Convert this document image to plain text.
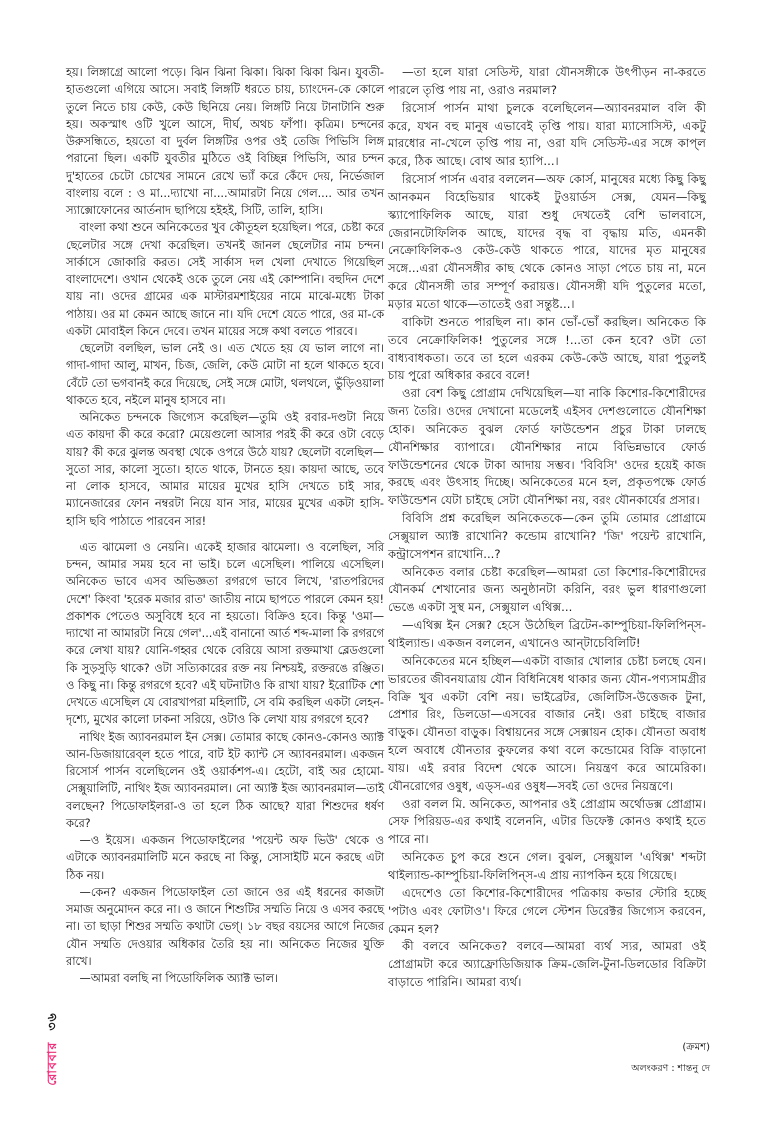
হয়। লিঙ্গাগ্রে আলো পড়ে। ঝিন ঝিনা ঝিকা। ঝিকা ঝিকা ঝিন। যুবতী-হাতগুলো এগিয়ে আসে। সবাই লিঙ্গটি ধরতে চায়, চ্যাংদেন-কে কোলে তুলে নিতে চায় কেউ, কেউ ছিনিয়ে নেয়। লিঙ্গটি নিয়ে টানাটানি শুরু হয়। অকস্মাৎ ওটি খুলে আসে, দীর্ঘ, অথচ ফাঁপা। কৃত্রিম। চন্দনের উরুসন্ধিতে, হয়তো বা দুর্বল লিঙ্গটির ওপর ওই তেজি পিভিসি লিঙ্গ পরানো ছিল। একটি যুবতীর মুঠিতে ওই বিচ্ছিন্ন পিভিসি, আর চন্দন দু'হাতের চেটো চোখের সামনে রেখে ভ্যাঁ করে কেঁদে দেয়, নির্ভেজাল বাংলায় বলে : ও মা...দ্যাখো না....আমারটা নিয়ে গেল.... আর তখন স্যাক্সোফোনের আর্তনাদ ছাপিয়ে হইহই, সিটি, তালি, হাসি।

বাংলা কথা শুনে অনিকেতের খুব কৌতূহল হয়েছিল। পরে, চেষ্টা করে ছেলেটার সঙ্গে দেখা করেছিল। তখনই জানল ছেলেটার নাম চন্দন। সার্কাসে জোকারি করত। সেই সার্কাস দল খেলা দেখাতে গিয়েছিল বাংলাদেশে। ওখান থেকেই ওকে তুলে নেয় এই কোম্পানি। বহুদিন দেশে যায় না। ওদের গ্রামের এক মাস্টারমশাইয়ের নামে মাঝে-মধ্যে টাকা পাঠায়। ওর মা কেমন আছে জানে না। যদি দেশে যেতে পারে, ওর মা-কে একটা মোবাইল কিনে দেবে। তখন মায়ের সঙ্গে কথা বলতে পারবে।

ছেলেটা বলছিল, ভাল নেই ও। এত খেতে হয় যে ভাল লাগে না। গাদা-গাদা আলু, মাখন, চিজ, জেলি, কেউ মোটা না হলে থাকতে হবে। বেঁটে তো ভগবানই করে দিয়েছে, সেই সঙ্গে মোটা, থলথলে, ভুঁড়িওয়ালা থাকতে হবে, নইলে মানুষ হাসবে না।

অনিকেত চন্দনকে জিগ্যেস করেছিল—তুমি ওই রবার-দণ্ডটা নিয়ে এত কায়দা কী করে করো? মেয়েগুলো আসার পরই কী করে ওটা বেড়ে যায়? কী করে ঝুলন্ত অবস্থা থেকে ওপরে উঠে যায়? ছেলেটা বলেছিল—সুতো সার, কালো সুতো। হাতে থাকে, টানতে হয়। কায়দা আছে, তবে না লোক হাসবে, আমার মায়ের মুখের হাসি দেখতে চাই সার, ম্যানেজারের ফোন নম্বরটা নিয়ে যান সার, মায়ের মুখের একটা হাসি-হাসি ছবি পাঠাতে পারবেন সার!

এত ঝামেলা ও নেয়নি। একেই হাজার ঝামেলা। ও বলেছিল, সরি চন্দন, আমার সময় হবে না ভাই। চলে এসেছিল। পালিয়ে এসেছিল। অনিকেত ভাবে এসব অভিজ্ঞতা রগরগে ভাবে লিখে, 'রাতপরিদের দেশে' কিংবা 'হরেক মজার রাত' জাতীয় নামে ছাপতে পারলে কেমন হয়! প্রকাশক পেতেও অসুবিধে হবে না হয়তো। বিক্রিও হবে। কিন্তু 'ওমা—দ্যাখো না আমারটা নিয়ে গেল'...এই বানানো আর্ত শব্দ-মালা কি রগরগে করে লেখা যায়? যোনি-গহ্বর থেকে বেরিয়ে আসা রক্তমাখা ব্লেডগুলো কি সুড়সুড়ি থাকে? ওটা সত্যিকারের রক্ত নয় নিশ্চয়ই, রক্তরঙে রঞ্জিত। ও কিছু না। কিন্তু রগরগে হবে? এই ঘটনাটাও কি রাখা যায়? ইরোটিক শো দেখতে এসেছিল যে বোরখাপরা মহিলাটি, সে বমি করছিল একটা লেহন-দৃশ্যে, মুখের কালো ঢাকনা সরিয়ে, ওটাও কি লেখা যায় রগরগে হবে?

নাথিং ইজ অ্যাবনরমাল ইন সেক্স। তোমার কাছে কোনও-কোনও অ্যাক্ট আন-ডিজায়ারেব্‌ল হতে পারে, বাট ইট ক্যান্ট সে অ্যাবনরমাল। একজন রিসোর্স পার্সন বলেছিলেন ওই ওয়ার্কশপ-এ। হেটো, বাই অর হোমো-সেক্সুয়ালিটি, নাথিং ইজ অ্যাবনরমাল। নো অ্যাক্ট ইজ অ্যাবনরমাল—তাই বলছেন? পিডোফাইলরা-ও তা হলে ঠিক আছে? যারা শিশুদের ধর্ষণ করে?

—ও ইয়েস। একজন পিডোফাইলের 'পয়েন্ট অফ ভিউ' থেকে ও এটাকে অ্যাবনরমালিটি মনে করছে না কিন্তু, সোসাইটি মনে করছে এটা ঠিক নয়।

—কেন? একজন পিডোফাইল তো জানে ওর এই ধরনের কাজটা সমাজ অনুমোদন করে না। ও জানে শিশুটির সম্মতি নিয়ে ও এসব করছে না। তা ছাড়া শিশুর সম্মতি কথাটা ভেগ্। ১৮ বছর বয়সের আগে নিজের যৌন সম্মতি দেওয়ার অধিকার তৈরি হয় না। অনিকেত নিজের যুক্তি রাখে।

—আমরা বলছি না পিডোফিলিক অ্যাক্ট ভাল।

—তা হলে যারা সেডিস্ট, যারা যৌনসঙ্গীকে উৎপীড়ন না-করতে পারলে তৃপ্তি পায় না, ওরাও নরমাল?

রিসোর্স পার্সন মাথা চুলকে বলেছিলেন—অ্যাবনরমাল বলি কী করে, যখন বহু মানুষ এভাবেই তৃপ্তি পায়। যারা ম্যাসোসিস্ট, একটু মারধোর না-খেলে তৃপ্তি পায় না, ওরা যদি সেডিস্ট-এর সঙ্গে কাপ্‌ল করে, ঠিক আছে। বোথ আর হ্যাপি...।

রিসোর্স পার্সন এবার বললেন—অফ কোর্স, মানুষের মধ্যে কিছু কিছু আনকমন বিহেভিয়ার থাকেই টুওয়ার্ডস সেক্স, যেমন—কিছু স্ক্যাপোফিলিক আছে, যারা শুধু দেখতেই বেশি ভালবাসে, জেরানটোফিলিক আছে, যাদের বৃদ্ধ বা বৃদ্ধায় মতি, এমনকী নেক্রোফিলিক-ও কেউ-কেউ থাকতে পারে, যাদের মৃত মানুষের সঙ্গে...এরা যৌনসঙ্গীর কাছ থেকে কোনও সাড়া পেতে চায় না, মনে করে যৌনসঙ্গী তার সম্পূর্ণ করায়ত্ত। যৌনসঙ্গী যদি পুতুলের মতো, মড়ার মতো থাকে—তাতেই ওরা সন্তুষ্ট...।

বাকিটা শুনতে পারছিল না। কান ভোঁ-ভোঁ করছিল। অনিকেত কি তবে নেক্রোফিলিক! পুতুলের সঙ্গে !...তা কেন হবে? ওটা তো বাধ্যবাধকতা। তবে তা হলে এরকম কেউ-কেউ আছে, যারা পুতুলই চায় পুরো অধিকার করবে বলে!

ওরা বেশ কিছু প্রোগ্রাম দেখিয়েছিল—যা নাকি কিশোর-কিশোরীদের জন্য তৈরি। ওদের দেখানো মডেলেই এইসব দেশগুলোতে যৌনশিক্ষা হোক। অনিকেত বুঝল ফোর্ড ফাউন্ডেশন প্রচুর টাকা ঢালছে যৌনশিক্ষার ব্যাপারে। যৌনশিক্ষার নামে বিভিন্নভাবে ফোর্ড ফাউন্ডেশনের থেকে টাকা আদায় সম্ভব। 'বিবিসি' ওদের হয়েই কাজ করছে এবং উৎসাহ দিচ্ছে। অনিকেতের মনে হল, প্রকৃতপক্ষে ফোর্ড ফাউন্ডেশন যেটা চাইছে সেটা যৌনশিক্ষা নয়, বরং যৌনকার্যের প্রসার।

বিবিসি প্রশ্ন করেছিল অনিকেতকে—কেন তুমি তোমার প্রোগ্রামে সেক্সুয়াল অ্যাক্ট রাখোনি? কন্ডোম রাখোনি? 'জি' পয়েন্ট রাখোনি, কন্ট্রাসেপশন রাখোনি...?

অনিকেত বলার চেষ্টা করেছিল—আমরা তো কিশোর-কিশোরীদের যৌনকর্ম শেখানোর জন্য অনুষ্ঠানটা করিনি, বরং ভুল ধারণাগুলো ভেঙে একটা সুস্থ মন, সেক্সুয়াল এথিক্স...

—এথিক্স ইন সেক্স? হেসে উঠেছিল ব্রিটেন-কাম্পুচিয়া-ফিলিপিন্‌স-থাইল্যান্ড। একজন বললেন, এখানেও আন্‌টাচেবিলিটি!

অনিকেতের মনে হচ্ছিল—একটা বাজার খোলার চেষ্টা চলছে যেন। ভারতের জীবনযাত্রায় যৌন বিধিনিষেধ থাকার জন্য যৌন-পণ্যসামগ্রীর বিক্রি খুব একটা বেশি নয়। ভাইব্রেটর, জেলিটিস-উত্তেজক টুনা, প্রেশার রিং, ডিলডো—এসবের বাজার নেই। ওরা চাইছে বাজার বাড়ুক। যৌনতা বাড়ুক। বিশ্বায়নের সঙ্গে সেক্সায়ন হোক। যৌনতা অবাধ হলে অবাধে যৌনতার কুফলের কথা বলে কন্ডোমের বিক্রি বাড়ানো যায়। এই রবার বিদেশ থেকে আসে। নিয়ন্ত্রণ করে আমেরিকা। যৌনরোগের ওষুধ, এড্‌স-এর ওষুধ—সবই তো ওদের নিয়ন্ত্রণে।

ওরা বলল মি. অনিকেত, আপনার ওই প্রোগ্রাম অর্থোডক্স প্রোগ্রাম। সেফ পিরিয়ড-এর কথাই বলেননি, এটার ডিফেক্ট কোনও কথাই হতে পারে না।

অনিকেত চুপ করে শুনে গেল। বুঝল, সেক্সুয়াল 'এথিক্স' শব্দটা থাইল্যান্ড-কাম্পুচিয়া-ফিলিপিন্‌স-এ প্রায় ন্যাপকিন হয়ে গিয়েছে।

এদেশেও তো কিশোর-কিশোরীদের পত্রিকায় কভার স্টোরি হচ্ছে 'পটাও এবং ফোটাও'। ফিরে গেলে স্টেশন ডিরেক্টর জিগ্যেস করবেন, কেমন হল?

কী বলবে অনিকেত? বলবে—আমরা ব্যর্থ স্যর, আমরা ওই প্রোগ্রামটা করে অ্যাফ্রোডিজিয়াক ক্রিম-জেলি-টুনা-ডিলডোর বিক্রিটা বাড়াতে পারিনি। আমরা ব্যর্থ।

(ক্রমশ)
অলংকরণ : শান্তনু দে
রোববার ৩৬
